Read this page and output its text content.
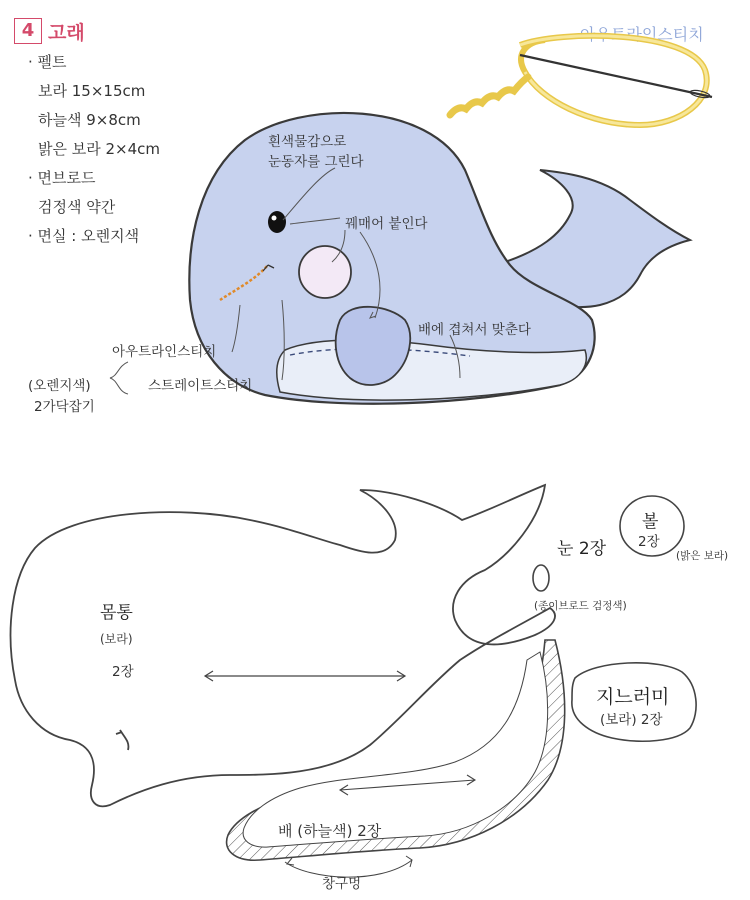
4 고래	아우트라인스티치
· 펠트
보라 15×15cm
하늘색 9×8cm
밝은 보라 2×4cm
· 면브로드
검정색 약간
· 면실 : 오렌지색
흰색물감으로
눈동자를 그린다
꿰매어 붙인다
배에 겹쳐서 맞춘다
아우트라인스티치
스트레이트스티치
(오렌지색)
2가닥잡기
몸통
(보라)
2장
눈 2장
(종이브로드 검정색)
볼
2장
(밝은 보라)
지느러미
(보라) 2장
배 (하늘색) 2장
창구멍
